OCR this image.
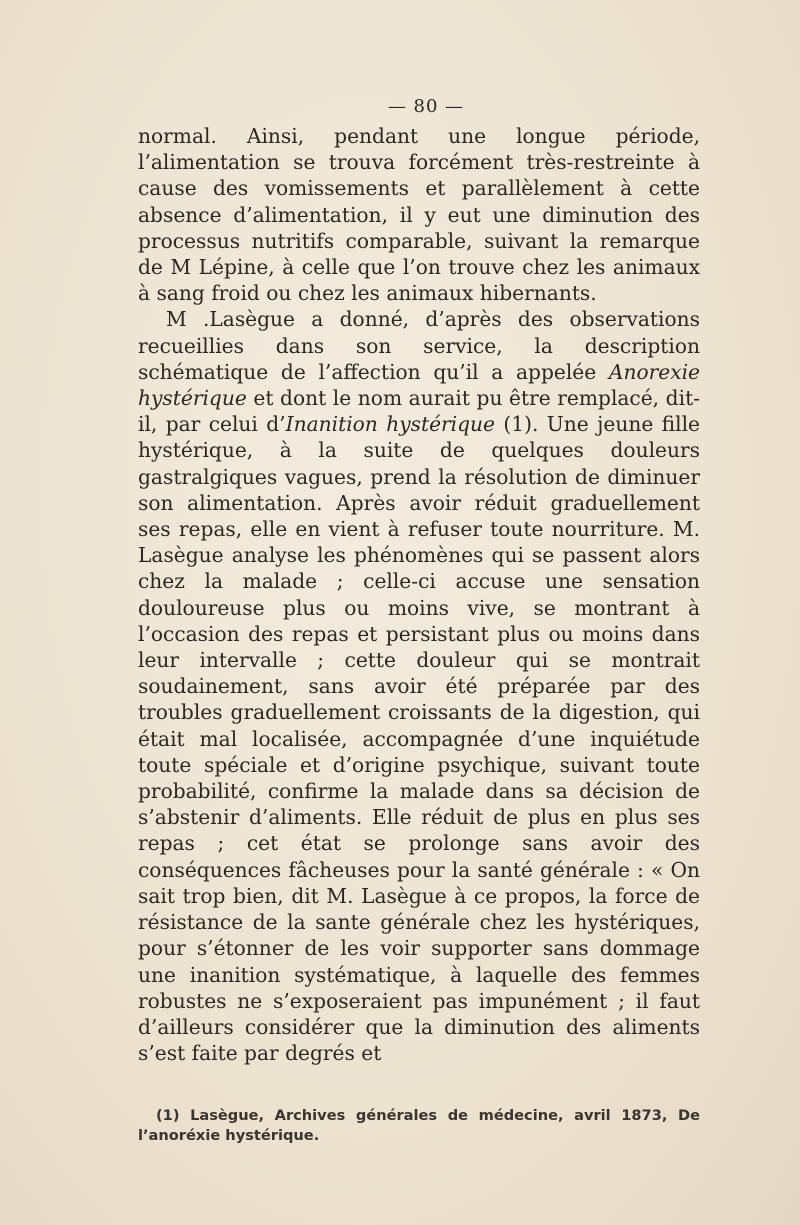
— 80 —

normal. Ainsi, pendant une longue période, l’alimentation se trouva forcément très-restreinte à cause des vomissements et parallèlement à cette absence d’alimentation, il y eut une diminution des processus nutritifs comparable, suivant la remarque de M Lépine, à celle que l’on trouve chez les animaux à sang froid ou chez les animaux hibernants.

M .Lasègue a donné, d’après des observations recueillies dans son service, la description schématique de l’affection qu’il a appelée Anorexie hystérique et dont le nom aurait pu être remplacé, dit-il, par celui d’Inanition hystérique (1). Une jeune fille hystérique, à la suite de quelques douleurs gastralgiques vagues, prend la résolution de diminuer son alimentation. Après avoir réduit graduellement ses repas, elle en vient à refuser toute nourriture. M. Lasègue analyse les phénomènes qui se passent alors chez la malade ; celle-ci accuse une sensation douloureuse plus ou moins vive, se montrant à l’occasion des repas et persistant plus ou moins dans leur intervalle ; cette douleur qui se montrait soudainement, sans avoir été préparée par des troubles graduellement croissants de la digestion, qui était mal localisée, accompagnée d’une inquiétude toute spéciale et d’origine psychique, suivant toute probabilité, confirme la malade dans sa décision de s’abstenir d’aliments. Elle réduit de plus en plus ses repas ; cet état se prolonge sans avoir des conséquences fâcheuses pour la santé générale : « On sait trop bien, dit M. Lasègue à ce propos, la force de résistance de la sante générale chez les hystériques, pour s’étonner de les voir supporter sans dommage une inanition systématique, à laquelle des femmes robustes ne s’exposeraient pas impunément ; il faut d’ailleurs considérer que la diminution des aliments s’est faite par degrés et

(1) Lasègue, Archives générales de médecine, avril 1873, De l’anoréxie hystérique.
